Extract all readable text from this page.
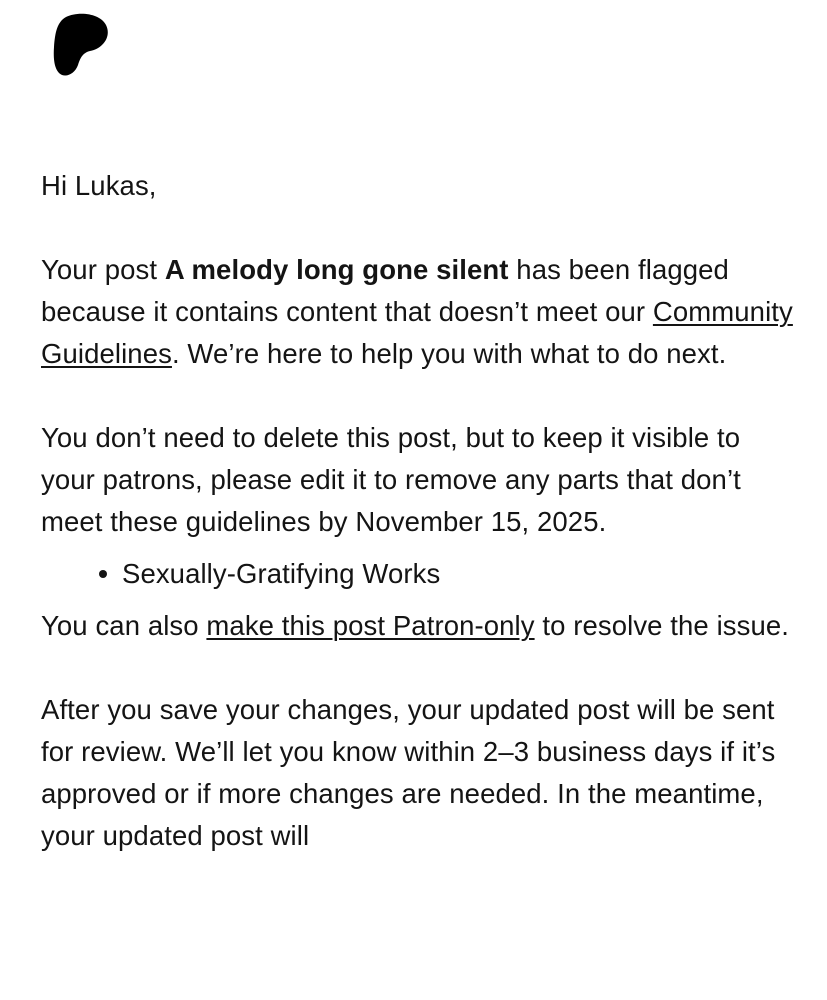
Hi Lukas,

Your post A melody long gone silent has been flagged because it contains content that doesn’t meet our Community Guidelines. We’re here to help you with what to do next.

You don’t need to delete this post, but to keep it visible to your patrons, please edit it to remove any parts that don’t meet these guidelines by November 15, 2025.

Sexually-Gratifying Works

You can also make this post Patron-only to resolve the issue.

After you save your changes, your updated post will be sent for review. We’ll let you know within 2–3 business days if it’s approved or if more changes are needed. In the meantime, your updated post will
